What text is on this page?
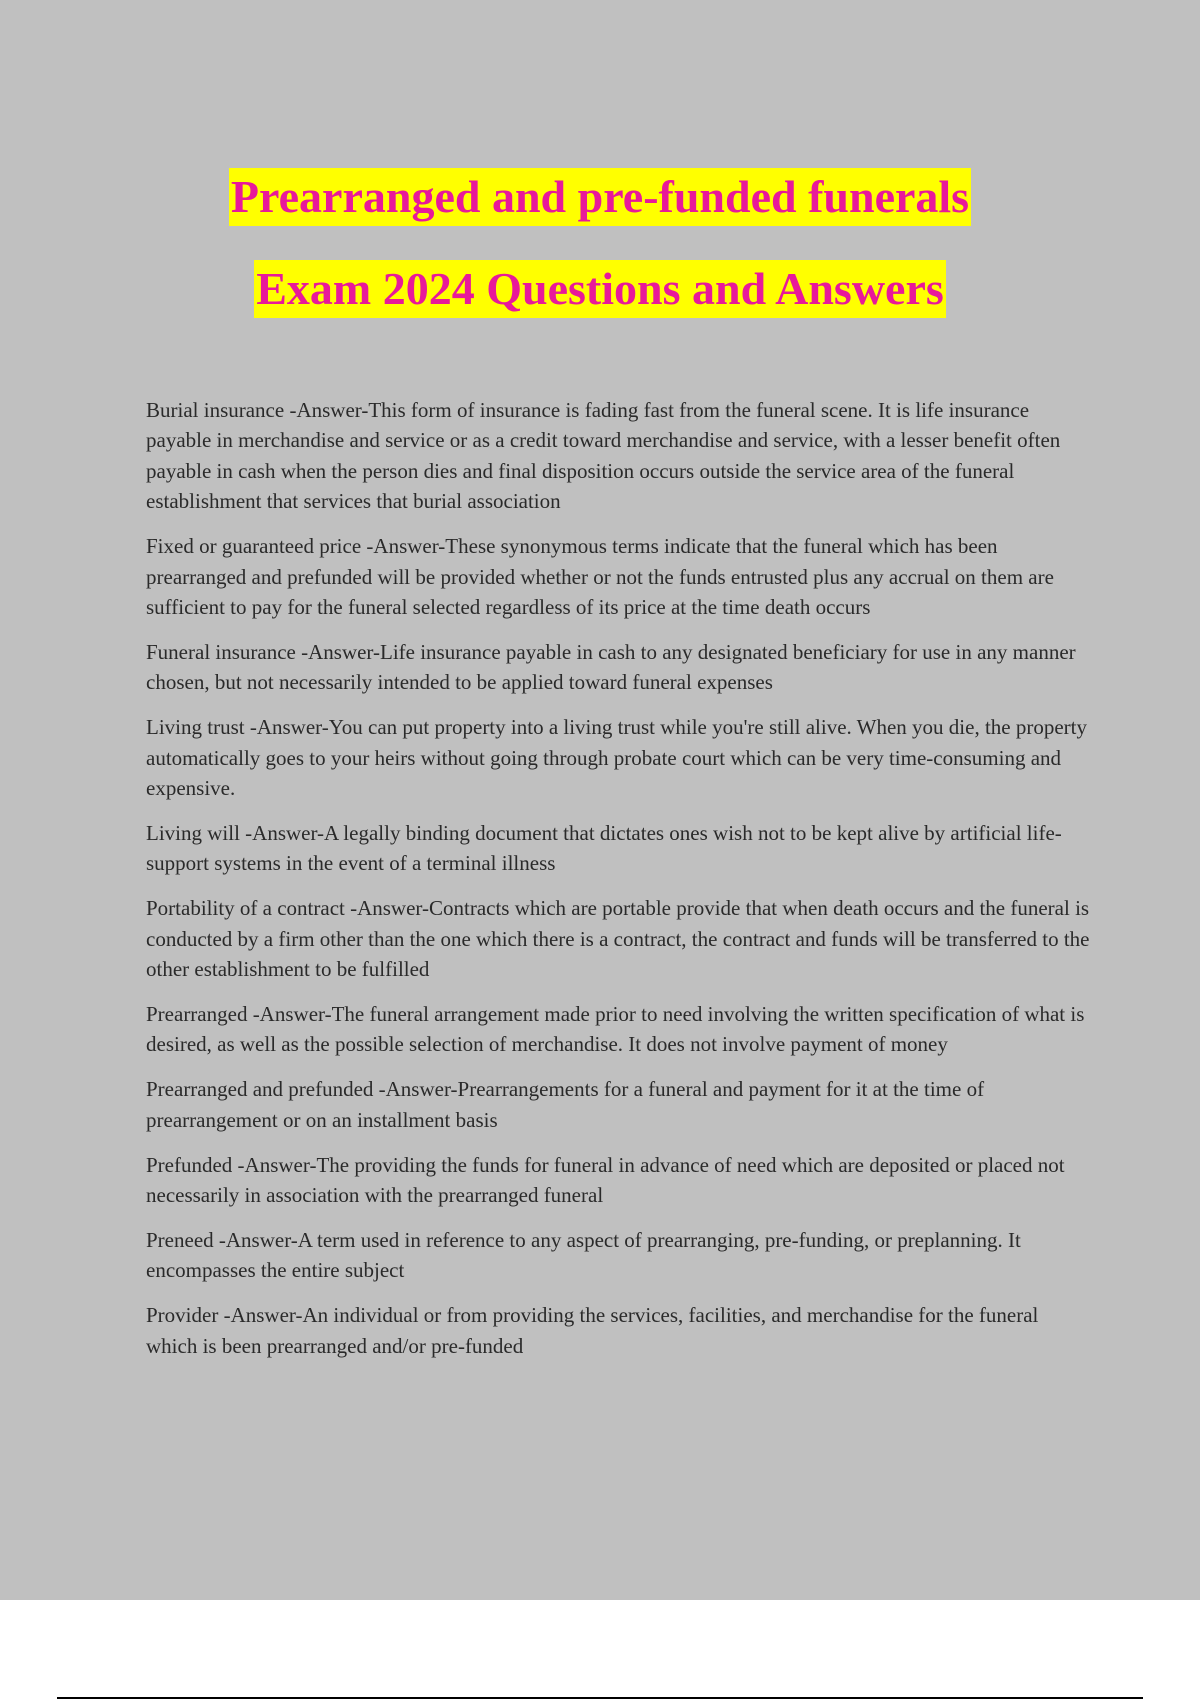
Prearranged and pre-funded funerals
Exam 2024 Questions and Answers

Burial insurance -Answer-This form of insurance is fading fast from the funeral scene. It is life insurance payable in merchandise and service or as a credit toward merchandise and service, with a lesser benefit often payable in cash when the person dies and final disposition occurs outside the service area of the funeral establishment that services that burial association

Fixed or guaranteed price -Answer-These synonymous terms indicate that the funeral which has been prearranged and prefunded will be provided whether or not the funds entrusted plus any accrual on them are sufficient to pay for the funeral selected regardless of its price at the time death occurs

Funeral insurance -Answer-Life insurance payable in cash to any designated beneficiary for use in any manner chosen, but not necessarily intended to be applied toward funeral expenses

Living trust -Answer-You can put property into a living trust while you're still alive. When you die, the property automatically goes to your heirs without going through probate court which can be very time-consuming and expensive.

Living will -Answer-A legally binding document that dictates ones wish not to be kept alive by artificial life-support systems in the event of a terminal illness

Portability of a contract -Answer-Contracts which are portable provide that when death occurs and the funeral is conducted by a firm other than the one which there is a contract, the contract and funds will be transferred to the other establishment to be fulfilled

Prearranged -Answer-The funeral arrangement made prior to need involving the written specification of what is desired, as well as the possible selection of merchandise. It does not involve payment of money

Prearranged and prefunded -Answer-Prearrangements for a funeral and payment for it at the time of prearrangement or on an installment basis

Prefunded -Answer-The providing the funds for funeral in advance of need which are deposited or placed not necessarily in association with the prearranged funeral

Preneed -Answer-A term used in reference to any aspect of prearranging, pre-funding, or preplanning. It encompasses the entire subject

Provider -Answer-An individual or from providing the services, facilities, and merchandise for the funeral which is been prearranged and/or pre-funded
